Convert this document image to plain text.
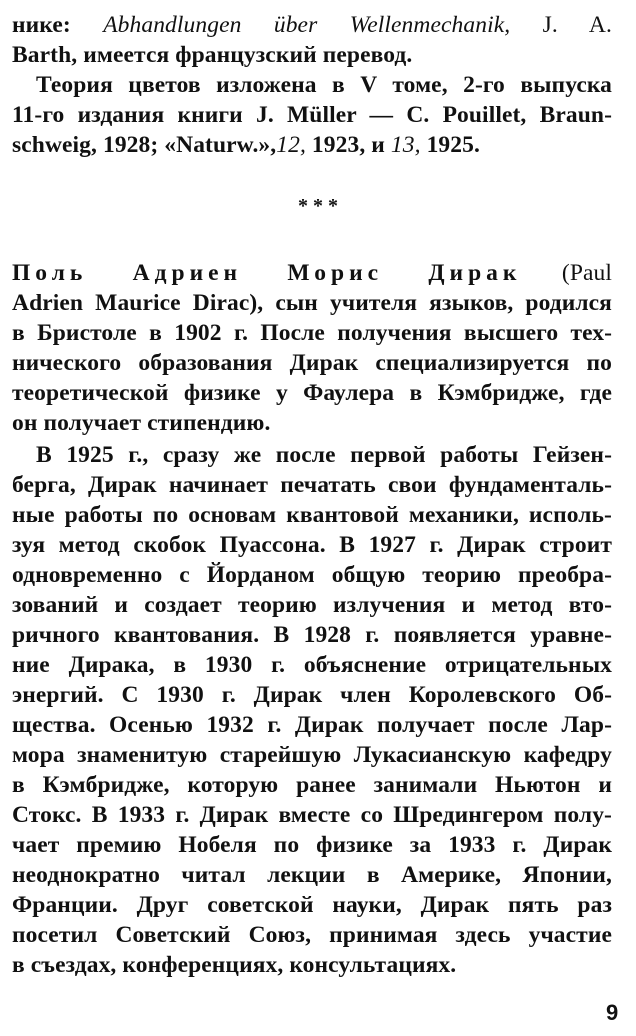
нике: Abhandlungen über Wellenmechanik, J. A.
Barth, имеется французский перевод.
Теория цветов изложена в V томе, 2-го выпуска
11-го издания книги J. Müller — C. Pouillet, Braun-
schweig, 1928; «Naturw.»,12, 1923, и 13, 1925.
* * *
Поль Адриен Морис Дирак (Paul
Adrien Maurice Dirac), сын учителя языков, родился
в Бристоле в 1902 г. После получения высшего тех-
нического образования Дирак специализируется по
теоретической физике у Фаулера в Кэмбридже, где
он получает стипендию.
В 1925 г., сразу же после первой работы Гейзен-
берга, Дирак начинает печатать свои фундаменталь-
ные работы по основам квантовой механики, исполь-
зуя метод скобок Пуассона. В 1927 г. Дирак строит
одновременно с Йорданом общую теорию преобра-
зований и создает теорию излучения и метод вто-
ричного квантования. В 1928 г. появляется уравне-
ние Дирака, в 1930 г. объяснение отрицательных
энергий. С 1930 г. Дирак член Королевского Об-
щества. Осенью 1932 г. Дирак получает после Лар-
мора знаменитую старейшую Лукасианскую кафедру
в Кэмбридже, которую ранее занимали Ньютон и
Стокс. В 1933 г. Дирак вместе со Шредингером полу-
чает премию Нобеля по физике за 1933 г. Дирак
неоднократно читал лекции в Америке, Японии,
Франции. Друг советской науки, Дирак пять раз
посетил Советский Союз, принимая здесь участие
в съездах, конференциях, консультациях.
9
